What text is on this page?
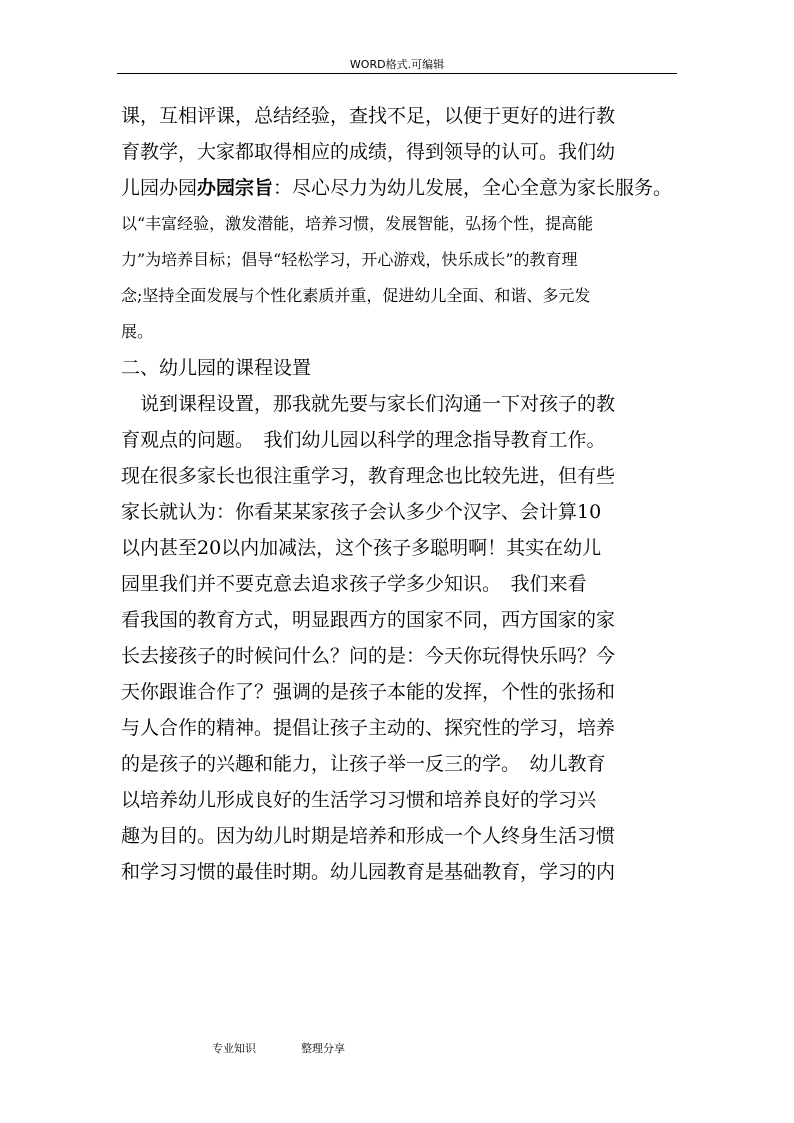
WORD格式.可编辑
课，互相评课，总结经验，查找不足，以便于更好的进行教
育教学，大家都取得相应的成绩，得到领导的认可。我们幼
儿园办园办园宗旨：尽心尽力为幼儿发展，全心全意为家长服务。
以“丰富经验，激发潜能，培养习惯，发展智能，弘扬个性，提高能
力”为培养目标；倡导“轻松学习，开心游戏，快乐成长”的教育理
念;坚持全面发展与个性化素质并重，促进幼儿全面、和谐、多元发
展。
二、幼儿园的课程设置
　说到课程设置，那我就先要与家长们沟通一下对孩子的教
育观点的问题。　我们幼儿园以科学的理念指导教育工作。
现在很多家长也很注重学习，教育理念也比较先进，但有些
家长就认为：你看某某家孩子会认多少个汉字、会计算10
以内甚至20以内加减法，这个孩子多聪明啊！其实在幼儿
园里我们并不要克意去追求孩子学多少知识。　我们来看
看我国的教育方式，明显跟西方的国家不同，西方国家的家
长去接孩子的时候问什么？问的是：今天你玩得快乐吗？今
天你跟谁合作了？强调的是孩子本能的发挥，个性的张扬和
与人合作的精神。提倡让孩子主动的、探究性的学习，培养
的是孩子的兴趣和能力，让孩子举一反三的学。　幼儿教育
以培养幼儿形成良好的生活学习习惯和培养良好的学习兴
趣为目的。因为幼儿时期是培养和形成一个人终身生活习惯
和学习习惯的最佳时期。幼儿园教育是基础教育，学习的内
专业知识	整理分享
